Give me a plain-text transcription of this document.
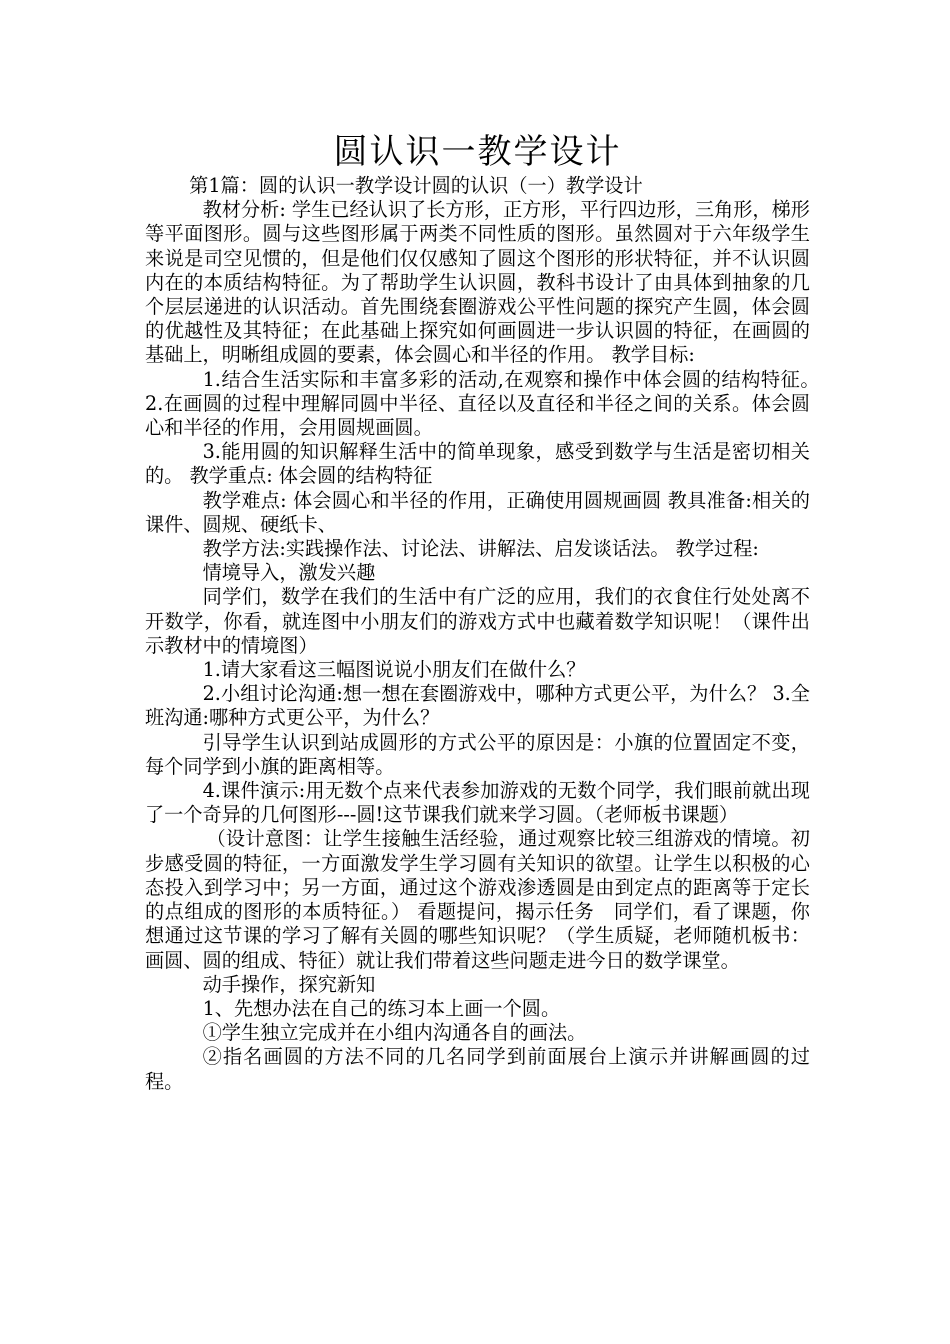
圆认识一教学设计

第1篇：圆的认识一教学设计圆的认识（一）教学设计

教材分析: 学生已经认识了长方形，正方形，平行四边形，三角形，梯形等平面图形。圆与这些图形属于两类不同性质的图形。虽然圆对于六年级学生来说是司空见惯的，但是他们仅仅感知了圆这个图形的形状特征，并不认识圆内在的本质结构特征。为了帮助学生认识圆，教科书设计了由具体到抽象的几个层层递进的认识活动。首先围绕套圈游戏公平性问题的探究产生圆，体会圆的优越性及其特征；在此基础上探究如何画圆进一步认识圆的特征，在画圆的基础上，明晰组成圆的要素，体会圆心和半径的作用。 教学目标:

1.结合生活实际和丰富多彩的活动,在观察和操作中体会圆的结构特征。　2.在画圆的过程中理解同圆中半径、直径以及直径和半径之间的关系。体会圆心和半径的作用，会用圆规画圆。

3.能用圆的知识解释生活中的简单现象，感受到数学与生活是密切相关的。 教学重点: 体会圆的结构特征

教学难点: 体会圆心和半径的作用，正确使用圆规画圆 教具准备:相关的课件、圆规、硬纸卡、

教学方法:实践操作法、讨论法、讲解法、启发谈话法。 教学过程:

情境导入，激发兴趣

同学们，数学在我们的生活中有广泛的应用，我们的衣食住行处处离不开数学，你看，就连图中小朋友们的游戏方式中也藏着数学知识呢！（课件出示教材中的情境图）

1.请大家看这三幅图说说小朋友们在做什么？

2.小组讨论沟通:想一想在套圈游戏中，哪种方式更公平，为什么？ 3.全班沟通:哪种方式更公平，为什么？

引导学生认识到站成圆形的方式公平的原因是：小旗的位置固定不变，每个同学到小旗的距离相等。

4.课件演示:用无数个点来代表参加游戏的无数个同学，我们眼前就出现了一个奇异的几何图形---圆!这节课我们就来学习圆。（老师板书课题）

（设计意图：让学生接触生活经验，通过观察比较三组游戏的情境。初步感受圆的特征，一方面激发学生学习圆有关知识的欲望。让学生以积极的心态投入到学习中；另一方面，通过这个游戏渗透圆是由到定点的距离等于定长的点组成的图形的本质特征。） 看题提问，揭示任务　同学们，看了课题，你想通过这节课的学习了解有关圆的哪些知识呢？（学生质疑，老师随机板书：画圆、圆的组成、特征）就让我们带着这些问题走进今日的数学课堂。

动手操作，探究新知

1、先想办法在自己的练习本上画一个圆。

①学生独立完成并在小组内沟通各自的画法。

②指名画圆的方法不同的几名同学到前面展台上演示并讲解画圆的过程。
